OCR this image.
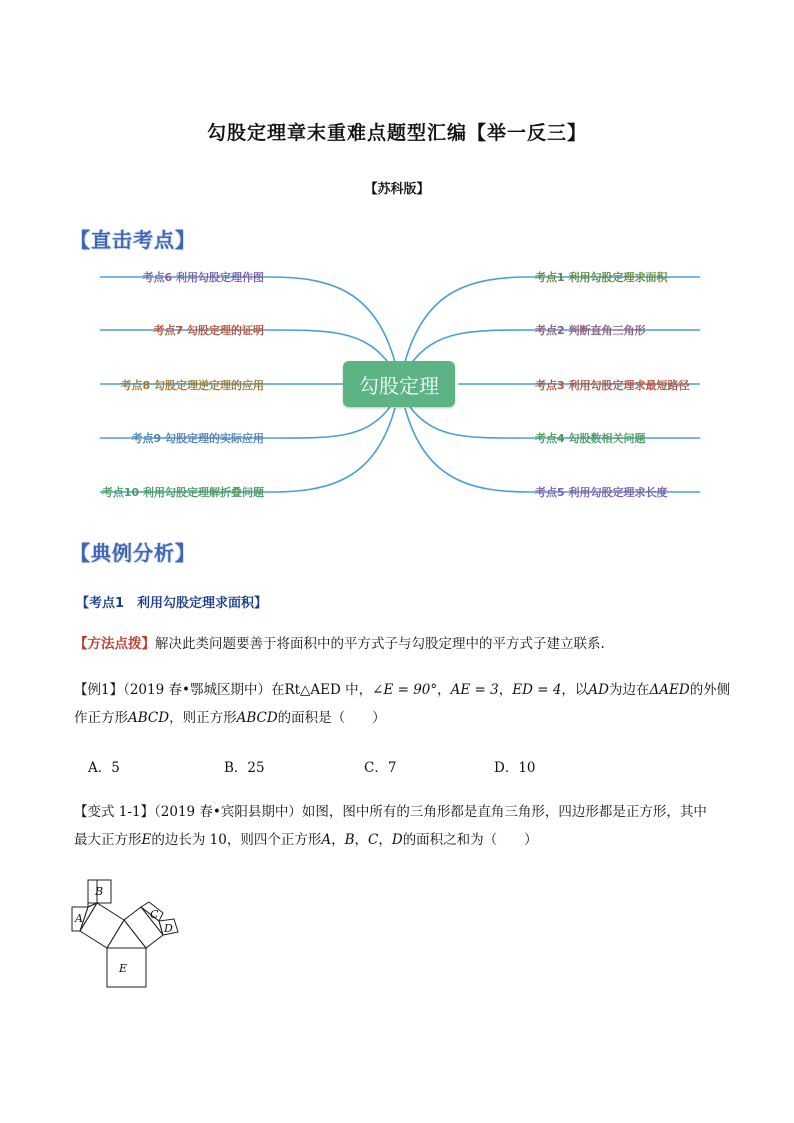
勾股定理章末重难点题型汇编【举一反三】
【苏科版】
【直击考点】
考点1 利用勾股定理求面积
考点2 判断直角三角形
考点3 利用勾股定理求最短路径
考点4 勾股数相关问题
考点5 利用勾股定理求长度
考点6 利用勾股定理作图
考点7 勾股定理的证明
考点8 勾股定理逆定理的应用
考点9 勾股定理的实际应用
考点10 利用勾股定理解折叠问题
勾股定理
【典例分析】
【考点1　利用勾股定理求面积】
【方法点拨】解决此类问题要善于将面积中的平方式子与勾股定理中的平方式子建立联系.
【例1】（2019 春•鄂城区期中）在Rt△AED 中，∠E = 90°，AE = 3，ED = 4，以AD为边在ΔAED的外侧
作正方形ABCD，则正方形ABCD的面积是（　　）
A．5	B．25	C．7	D．10
【变式 1-1】（2019 春•宾阳县期中）如图，图中所有的三角形都是直角三角形，四边形都是正方形，其中
最大正方形E的边长为 10，则四个正方形A，B，C，D的面积之和为（　　）
B
A	C
D
E
